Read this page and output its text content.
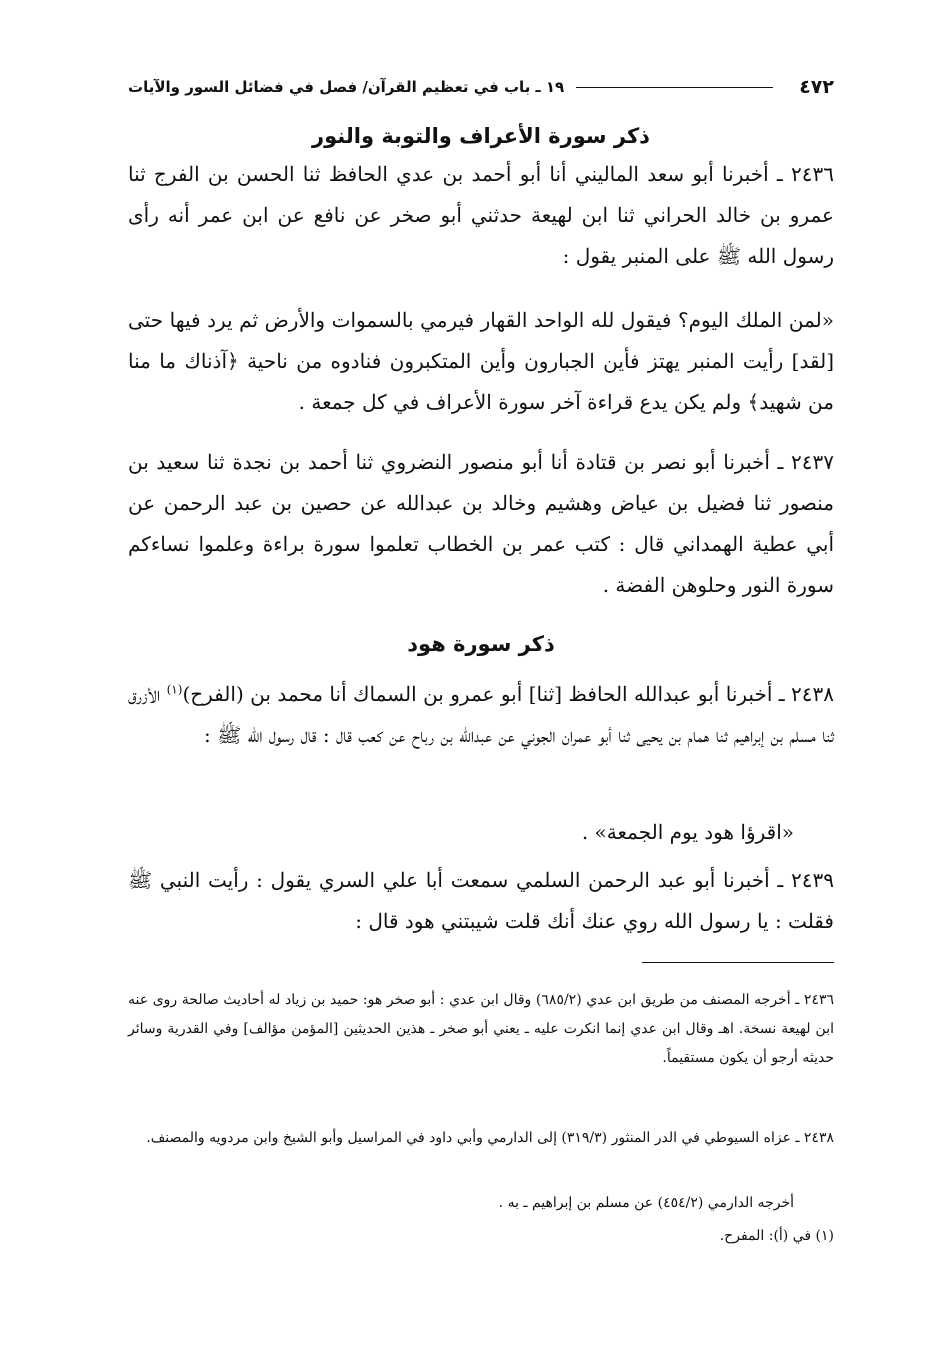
٤٧٢
١٩ ـ باب في تعظيم القرآن/ فصل في فضائل السور والآيات
ذكر سورة الأعراف والتوبة والنور

٢٤٣٦ ـ أخبرنا أبو سعد الماليني أنا أبو أحمد بن عدي الحافظ ثنا الحسن بن الفرج ثنا عمرو بن خالد الحراني ثنا ابن لهيعة حدثني أبو صخر عن نافع عن ابن عمر أنه رأى رسول الله ﷺ على المنبر يقول :

«لمن الملك اليوم؟ فيقول لله الواحد القهار فيرمي بالسموات والأرض ثم يرد فيها حتى [لقد] رأيت المنبر يهتز فأين الجبارون وأين المتكبرون فنادوه من ناحية ﴿آذناك ما منا من شهيد﴾ ولم يكن يدع قراءة آخر سورة الأعراف في كل جمعة .

٢٤٣٧ ـ أخبرنا أبو نصر بن قتادة أنا أبو منصور النضروي ثنا أحمد بن نجدة ثنا سعيد بن منصور ثنا فضيل بن عياض وهشيم وخالد بن عبدالله عن حصين بن عبد الرحمن عن أبي عطية الهمداني قال : كتب عمر بن الخطاب تعلموا سورة براءة وعلموا نساءكم سورة النور وحلوهن الفضة .

ذكر سورة هود

٢٤٣٨ ـ أخبرنا أبو عبدالله الحافظ [ثنا] أبو عمرو بن السماك أنا محمد بن (الفرح)$^{(١)}$ الأزرق ثنا مسلم بن إبراهيم ثنا همام بن يحيى ثنا أبو عمران الجوني عن عبدالله بن رباح عن كعب قال : قال رسول الله ﷺ :

«اقرؤا هود يوم الجمعة» .

٢٤٣٩ ـ أخبرنا أبو عبد الرحمن السلمي سمعت أبا علي السري يقول : رأيت النبي ﷺ فقلت : يا رسول الله روي عنك أنك قلت شيبتني هود قال :

٢٤٣٦ ـ أخرجه المصنف من طريق ابن عدي (٦٨٥/٢) وقال ابن عدي : أبو صخر هو: حميد بن زياد له أحاديث صالحة روى عنه ابن لهيعة نسخة. اهـ وقال ابن عدي إنما انكرت عليه ـ يعني أبو صخر ـ هذين الحديثين [المؤمن مؤالف] وفي القدرية وسائر حديثه أرجو أن يكون مستقيماً.
٢٤٣٨ ـ عزاه السيوطي في الدر المنثور (٣١٩/٣) إلى الدارمي وأبي داود في المراسيل وأبو الشيخ وابن مردويه والمصنف.
أخرجه الدارمي (٤٥٤/٢) عن مسلم بن إبراهيم ـ به .
(١) في (أ): المفرح.
